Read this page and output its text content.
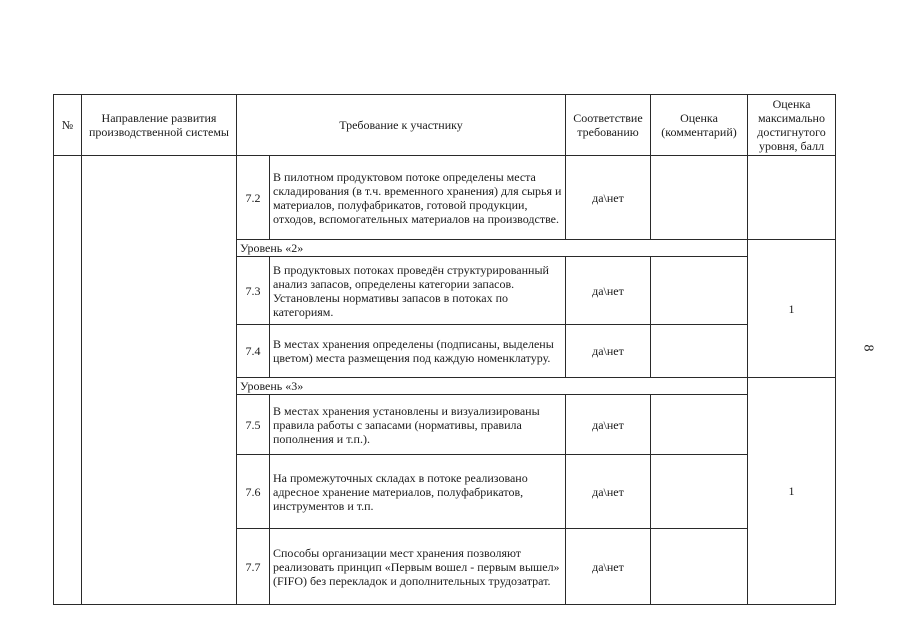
№	Направление развития производственной системы	Требование к участнику		Соответствие требованию	Оценка (комментарий)	Оценка максимально достигнутого уровня, балл
		7.2	В пилотном продуктовом потоке определены места складирования (в т.ч. временного хранения) для сырья и материалов, полуфабрикатов, готовой продукции, отходов, вспомогательных материалов на производстве.	да\нет		
		Уровень «2»				1
		7.3	В продуктовых потоках проведён структурированный анализ запасов, определены категории запасов. Установлены нормативы запасов в потоках по категориям.	да\нет		
		7.4	В местах хранения определены (подписаны, выделены цветом) места размещения под каждую номенклатуру.	да\нет		
		Уровень «3»				1
		7.5	В местах хранения установлены и визуализированы правила работы с запасами (нормативы, правила пополнения и т.п.).	да\нет		
		7.6	На промежуточных складах в потоке реализовано адресное хранение материалов, полуфабрикатов, инструментов и т.п.	да\нет		
		7.7	Способы организации мест хранения позволяют реализовать принцип «Первым вошел - первым вышел» (FIFO) без перекладок и дополнительных трудозатрат.	да\нет		
8
